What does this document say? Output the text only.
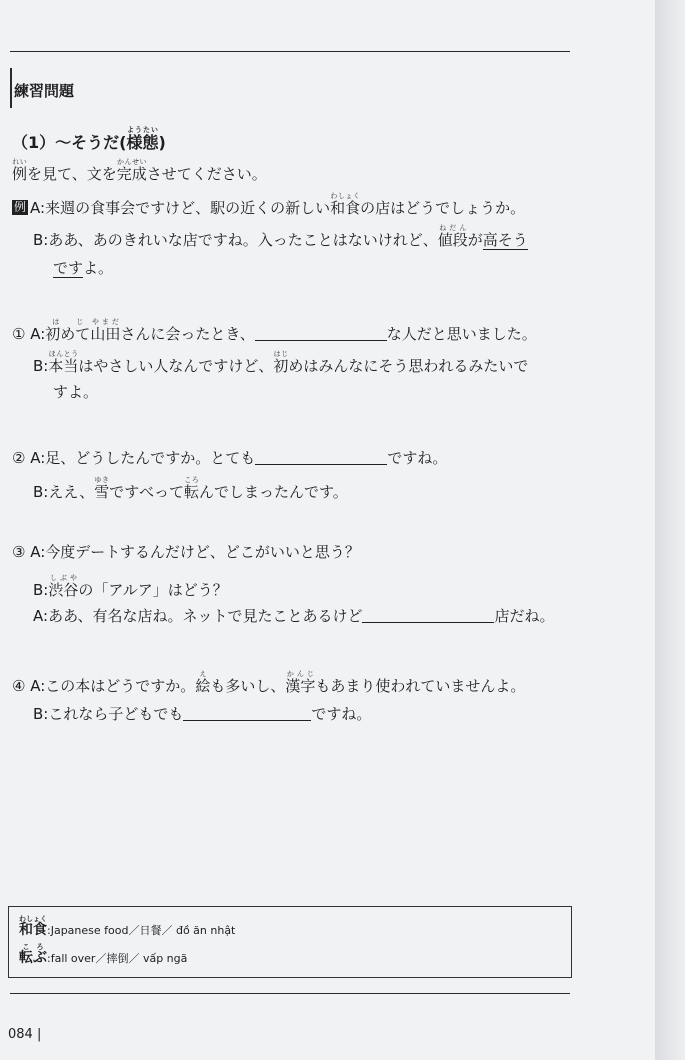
練習問題
（1）～そうだ(様態ようたい)
例れいを見て、文を完成かんせいさせてください。
例 A:来週の食事会ですけど、駅の近くの新しい和食わしょくの店はどうでしょうか。
B:ああ、あのきれいな店ですね。入ったことはないけれど、値段ねだんが高そう
ですよ。
① A:初めてはじ山田やまださんに会ったとき、	な人だと思いました。
B:本当ほんとうはやさしい人なんですけど、初はじめはみんなにそう思われるみたいで
すよ。
② A:足、どうしたんですか。とても	ですね。
B:ええ、雪ゆきですべって転ころんでしまったんです。
③ A:今度デートするんだけど、どこがいいと思う？
B:渋谷しぶやの「アルア」はどう？
A:ああ、有名な店ね。ネットで見たことあるけど	店だね。
④ A:この本はどうですか。絵えも多いし、漢字かんじもあまり使われていませんよ。
B:これなら子どもでも	ですね。
和食わしょく:Japanese food／日餐／ đồ ăn nhật
転ぶころ:fall over／摔倒／ vấp ngã
084 |
